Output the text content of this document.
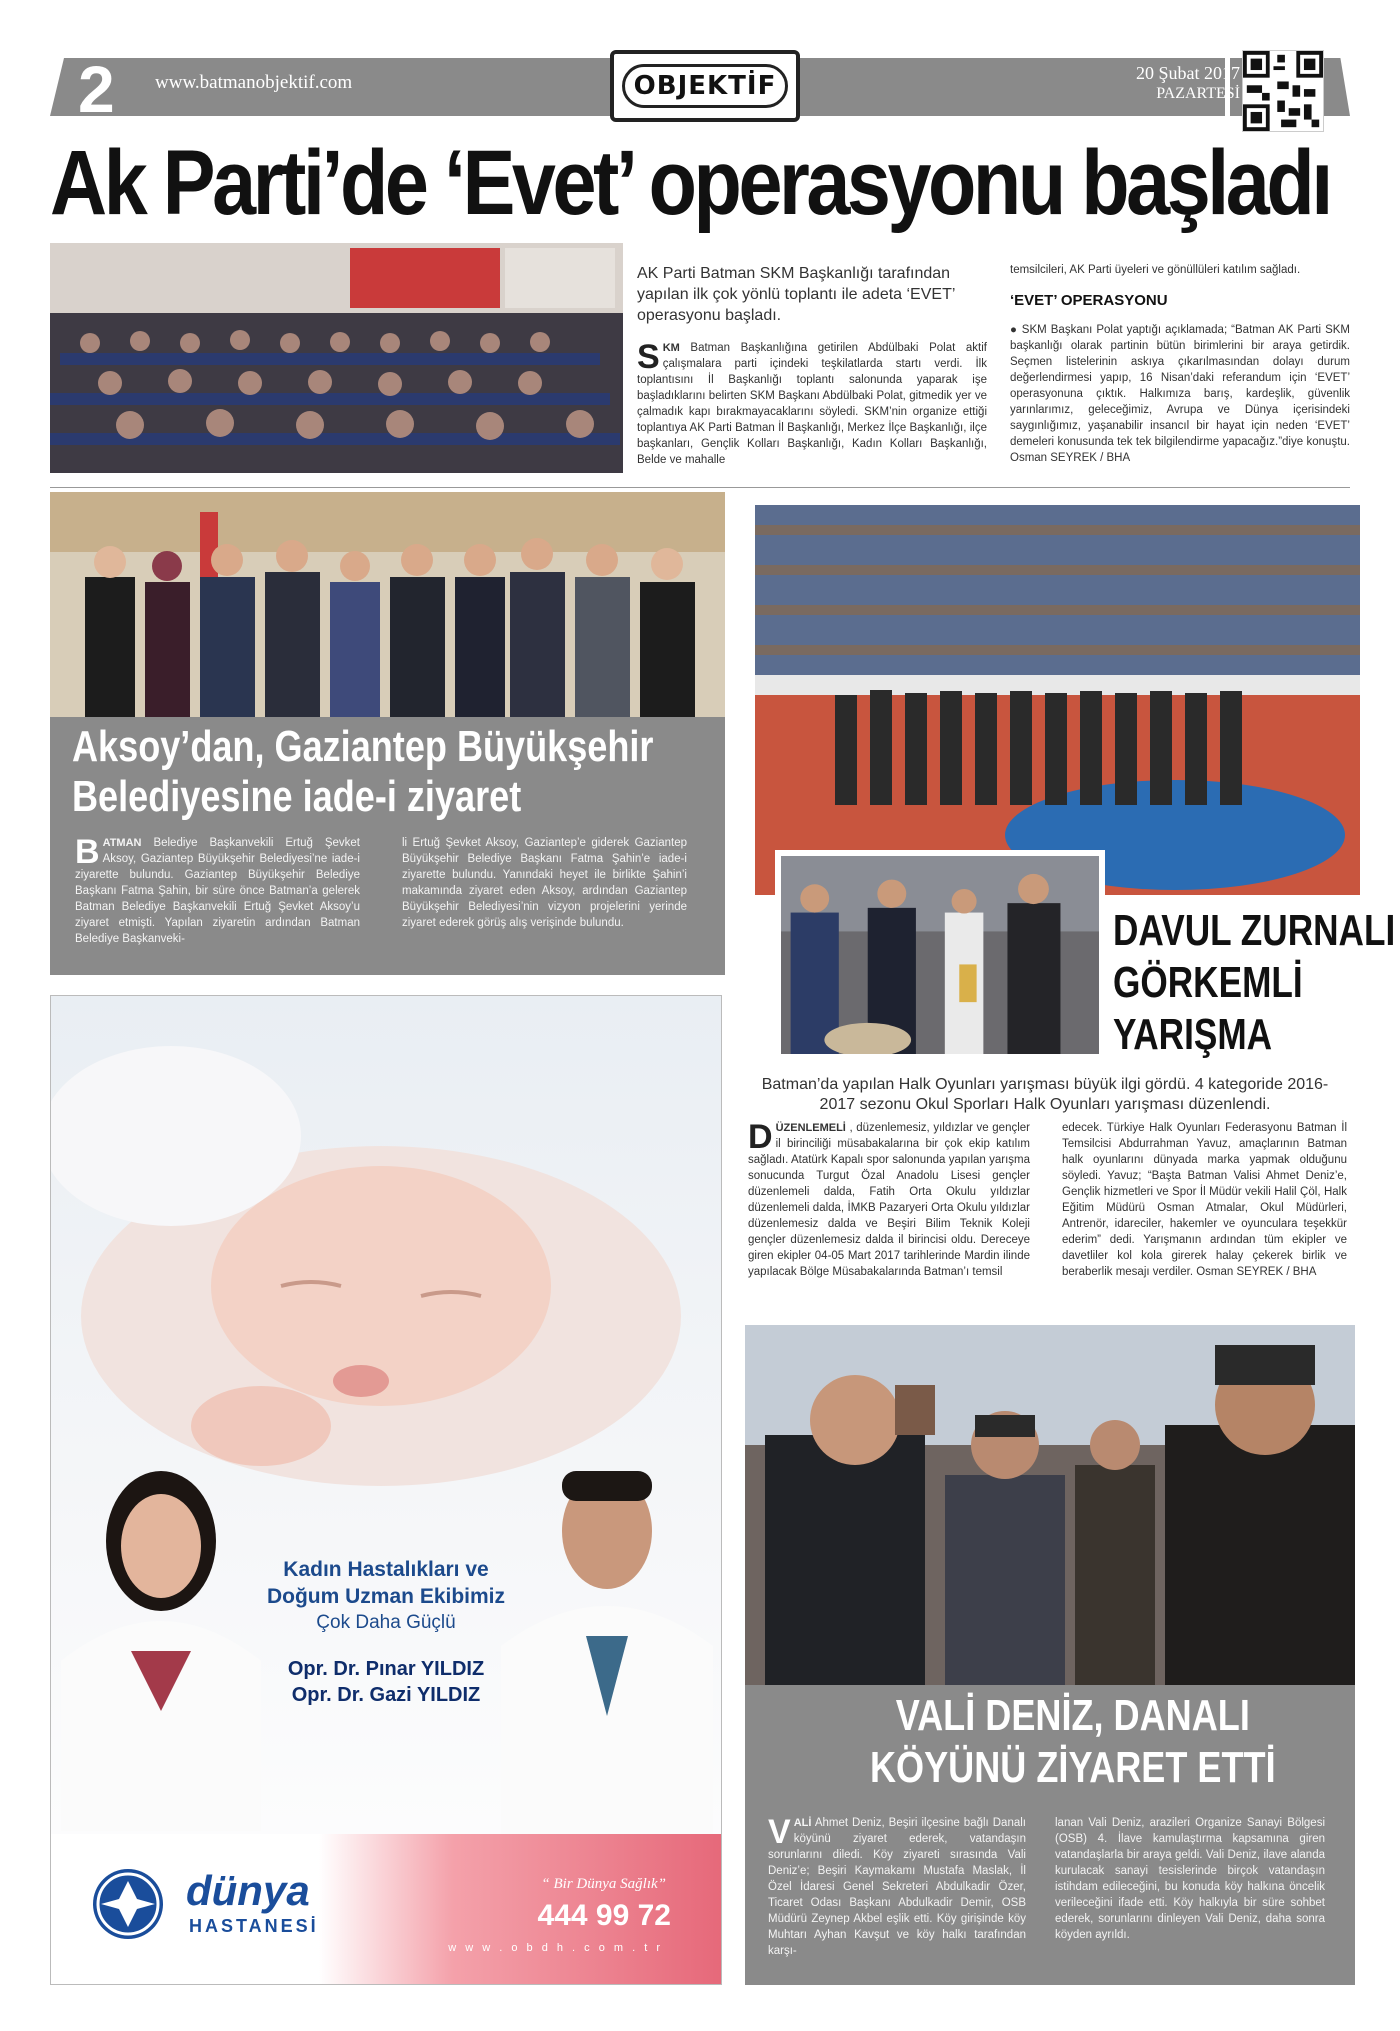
2 www.batmanobjektif.com	OBJEKTİF	20 Şubat 2017
PAZARTESİ
Ak Parti’de ‘Evet’ operasyonu başladı
AK Parti Batman SKM Başkanlığı tarafından yapılan ilk çok yönlü toplantı ile adeta ‘EVET’ operasyonu başladı.
S KM Batman Başkanlığına getirilen Abdülbaki Polat aktif çalışmalara parti içindeki teşkilatlarda startı verdi. İlk toplantısını İl Başkanlığı toplantı salonunda yaparak işe başladıklarını belirten SKM Başkanı Abdülbaki Polat, gitmedik yer ve çalmadık kapı bırakmayacaklarını söyledi. SKM’nin organize ettiği toplantıya AK Parti Batman İl Başkanlığı, Merkez İlçe Başkanlığı, ilçe başkanları, Gençlik Kolları Başkanlığı, Kadın Kolları Başkanlığı, Belde ve mahalle
temsilcileri, AK Parti üyeleri ve gönüllüleri katılım sağladı.
‘EVET’ OPERASYONU
● SKM Başkanı Polat yaptığı açıklamada; “Batman AK Parti SKM başkanlığı olarak partinin bütün birimlerini bir araya getirdik. Seçmen listelerinin askıya çıkarılmasından dolayı durum değerlendirmesi yapıp, 16 Nisan’daki referandum için ‘EVET’ operasyonuna çıktık. Halkımıza barış, kardeşlik, güvenlik yarınlarımız, geleceğimiz, Avrupa ve Dünya içerisindeki saygınlığımız, yaşanabilir insancıl bir hayat için neden ‘EVET’ demeleri konusunda tek tek bilgilendirme yapacağız.”diye konuştu. Osman SEYREK / BHA
Aksoy’dan, Gaziantep Büyükşehir
Belediyesine iade-i ziyaret
B ATMAN Belediye Başkanvekili Ertuğ Şevket Aksoy, Gaziantep Büyükşehir Belediyesi’ne iade-i ziyarette bulundu. Gaziantep Büyükşehir Belediye Başkanı Fatma Şahin, bir süre önce Batman’a gelerek Batman Belediye Başkanvekili Ertuğ Şevket Aksoy’u ziyaret etmişti. Yapılan ziyaretin ardından Batman Belediye Başkanveki-
li Ertuğ Şevket Aksoy, Gaziantep’e giderek Gaziantep Büyükşehir Belediye Başkanı Fatma Şahin’e iade-i ziyarette bulundu. Yanındaki heyet ile birlikte Şahin’i makamında ziyaret eden Aksoy, ardından Gaziantep Büyükşehir Belediyesi’nin vizyon projelerini yerinde ziyaret ederek görüş alış verişinde bulundu.	DAVUL ZURNALI
GÖRKEMLİ
YARIŞMA
Batman’da yapılan Halk Oyunları yarışması büyük ilgi gördü. 4 kategoride 2016-2017 sezonu Okul Sporları Halk Oyunları yarışması düzenlendi.
D ÜZENLEMELİ , düzenlemesiz, yıldızlar ve gençler il birinciliği müsabakalarına bir çok ekip katılım sağladı. Atatürk Kapalı spor salonunda yapılan yarışma sonucunda Turgut Özal Anadolu Lisesi gençler düzenlemeli dalda, Fatih Orta Okulu yıldızlar düzenlemeli dalda, İMKB Pazaryeri Orta Okulu yıldızlar düzenlemesiz dalda ve Beşiri Bilim Teknik Koleji gençler düzenlemesiz dalda il birincisi oldu. Dereceye giren ekipler 04-05 Mart 2017 tarihlerinde Mardin ilinde yapılacak Bölge Müsabakalarında Batman’ı temsil
edecek. Türkiye Halk Oyunları Federasyonu Batman İl Temsilcisi Abdurrahman Yavuz, amaçlarının Batman halk oyunlarını dünyada marka yapmak olduğunu söyledi. Yavuz; “Başta Batman Valisi Ahmet Deniz’e, Gençlik hizmetleri ve Spor İl Müdür vekili Halil Çöl, Halk Eğitim Müdürü Osman Atmalar, Okul Müdürleri, Antrenör, idareciler, hakemler ve oyunculara teşekkür ederim” dedi. Yarışmanın ardından tüm ekipler ve davetliler kol kola girerek halay çekerek birlik ve beraberlik mesajı verdiler. Osman SEYREK / BHA
VALİ DENİZ, DANALI
KÖYÜNÜ ZİYARET ETTİ
V ALİ Ahmet Deniz, Beşiri ilçesine bağlı Danalı köyünü ziyaret ederek, vatandaşın sorunlarını diledi. Köy ziyareti sırasında Vali Deniz’e; Beşiri Kaymakamı Mustafa Maslak, İl Özel İdaresi Genel Sekreteri Abdulkadir Özer, Ticaret Odası Başkanı Abdulkadir Demir, OSB Müdürü Zeynep Akbel eşlik etti. Köy girişinde köy Muhtarı Ayhan Kavşut ve köy halkı tarafından karşı-
lanan Vali Deniz, arazileri Organize Sanayi Bölgesi (OSB) 4. İlave kamulaştırma kapsamına giren vatandaşlarla bir araya geldi. Vali Deniz, ilave alanda kurulacak sanayi tesislerinde birçok vatandaşın istihdam edileceğini, bu konuda köy halkına öncelik verileceğini ifade etti. Köy halkıyla bir süre sohbet ederek, sorunlarını dinleyen Vali Deniz, daha sonra köyden ayrıldı.
Kadın Hastalıkları ve
Doğum Uzman Ekibimiz
Çok Daha Güçlü
Opr. Dr. Pınar YILDIZ
Opr. Dr. Gazi YILDIZ
dünya
HASTANESİ
“ Bir Dünya Sağlık”
444 99 72
w w w . o b d h . c o m . t r
